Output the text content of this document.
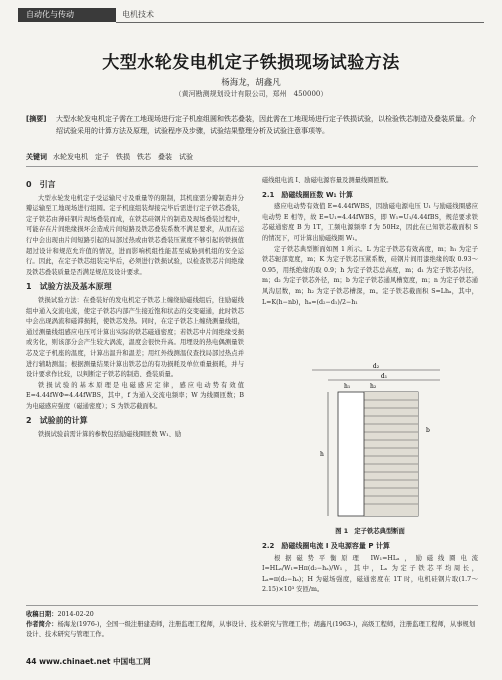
自动化与传动	电机技术
大型水轮发电机定子铁损现场试验方法
杨海龙，胡鑫凡
（黄河勘测规划设计有限公司，郑州　450000）
[摘要]	大型水轮发电机定子需在工地现场进行定子机座组圆和铁芯叠装，因此需在工地现场进行定子铁损试验，以检验铁芯制造及叠装质量。介绍试验采用的计算方法及原理，试验程序及步骤，试验结果整理分析及试验注意事项等。
关键词 水轮发电机　定子　铁损　铁芯　叠装　试验
0　引言

大型水轮发电机定子受运输尺寸及重量等的限制，其机座需分瓣制造并分瓣运输至工地现场进行组圆。定子机座组装焊接完毕后需进行定子铁芯叠装，定子铁芯由薄硅钢片现场叠装而成，在铁芯硅钢片的制造及现场叠装过程中，可能存在片间绝缘损坏会造成片间短路及铁芯叠装系数不满足要求，从而在运行中会出现由片间短路引起的局部过热或由铁芯叠装压紧度不够引起的铁损值超过设计和规范允许值的情况，进而影响机组性能甚至威胁到机组的安全运行。因此，在定子铁芯组装完毕后，必须进行铁损试验，以检查铁芯片间绝缘及铁芯叠装质量是否满足规范及设计要求。

1　试验方法及基本原理

铁损试验方法：在叠装好的发电机定子铁芯上缠绕励磁线组后，往励磁线组中通入交流电流，使定子铁芯内部产生接近饱和状态的交变磁通，此时铁芯中会出现涡流和磁滞损耗，使铁芯发热。同时，在定子铁芯上缠绕测量线组，通过测量线组感应电压可计算出实际的铁芯磁通密度；若铁芯中片间绝缘受损或劣化，则该部分会产生较大涡流，温度会很快升高。用埋设的热电偶测量铁芯及定子机座的温度，计算出温升和温差；用红外线测温仪查找局部过热点并进行辅助测温；根据测量结果计算出铁芯总的有功损耗及单位重量损耗，并与设计要求作比较，以判断定子铁芯的制造、叠装质量。

铁损试验的基本原理是电磁感应定律，感应电动势有效值 E=4.44fWΦ=4.44fWBS，其中，f 为通入交流电频率；W 为线圈匝数；B 为电磁感应强度（磁通密度）；S 为铁芯截面积。

2　试验前的计算

铁损试验前需计算的参数包括励磁线圈匝数 W₁、励

磁线组电流 I、励磁电源容量及测量线圈匝数。

2.1　励磁线圈匝数 W₁ 计算

感应电动势有效值 E=4.44fWBS，因励磁电源电压 U₁ 与励磁线圈感应电动势 E 相等，故 E=U₁=4.44fWBS，即 W₁=U₁/4.44fBS，规范要求铁芯磁通密度 B 为 1T，工频电源频率 f 为 50Hz，因此在已知铁芯截面积 S 的情况下，可计算出励磁线圈 W₁。

定子铁芯典型断面如图 1 所示。L 为定子铁芯有效高度，m；h₁ 为定子铁芯轭部宽度，m；K 为定子铁芯压紧系数，硅钢片间用漆绝缘的取 0.93～0.95，用纸绝缘的取 0.9；h 为定子铁芯总高度，m；d₁ 为定子铁芯内径，m；d₂ 为定子铁芯外径，m；b 为定子铁芯通风槽宽度，m；n 为定子铁芯通风沟层数，m；h₂ 为定子铁芯槽深，m。定子铁芯截面积 S=Lhₐ，其中，L=K(h−nb)，hₐ=(d₂−d₁)/2−h₁

d₂
d₁
h₁	h₂
h
b
图 1　定子铁芯典型断面
2.2　励磁线圈电流 I 及电源容量 P 计算

根据磁势平衡原理 IW₁=HLₐ，励磁线圈电流 I=HLₐ/W₁=Hπ(d₂−hₐ)/W₁，其中，Lₐ 为定子铁芯平均周长，Lₐ=π(d₂−hₐ)；H 为磁场强度，磁通密度在 1T 时，电机硅钢片取(1.7～2.15)×10³ 安匝/m。

收稿日期：2014-02-20
作者简介：杨海龙(1976-)，全国一级注册建造师，注册监理工程师，从事设计、技术研究与管理工作；胡鑫凡(1963-)，高级工程师，注册监理工程师，从事规划设计、技术研究与管理工作。
44 www.chinaet.net 中国电工网
